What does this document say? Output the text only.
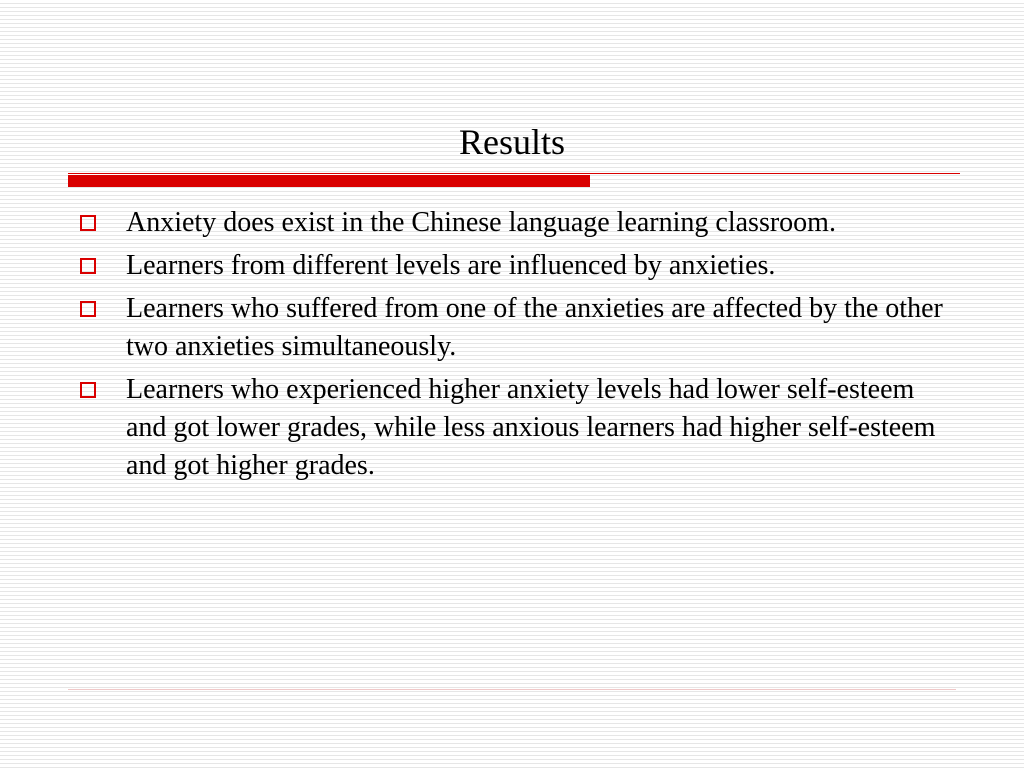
Results
Anxiety does exist in the Chinese language learning classroom.
Learners from different levels are influenced by anxieties.
Learners who suffered from one of the anxieties are affected by the other two anxieties simultaneously.
Learners who experienced higher anxiety levels had lower self-esteem and got lower grades, while less anxious learners had higher self-esteem and got higher grades.
